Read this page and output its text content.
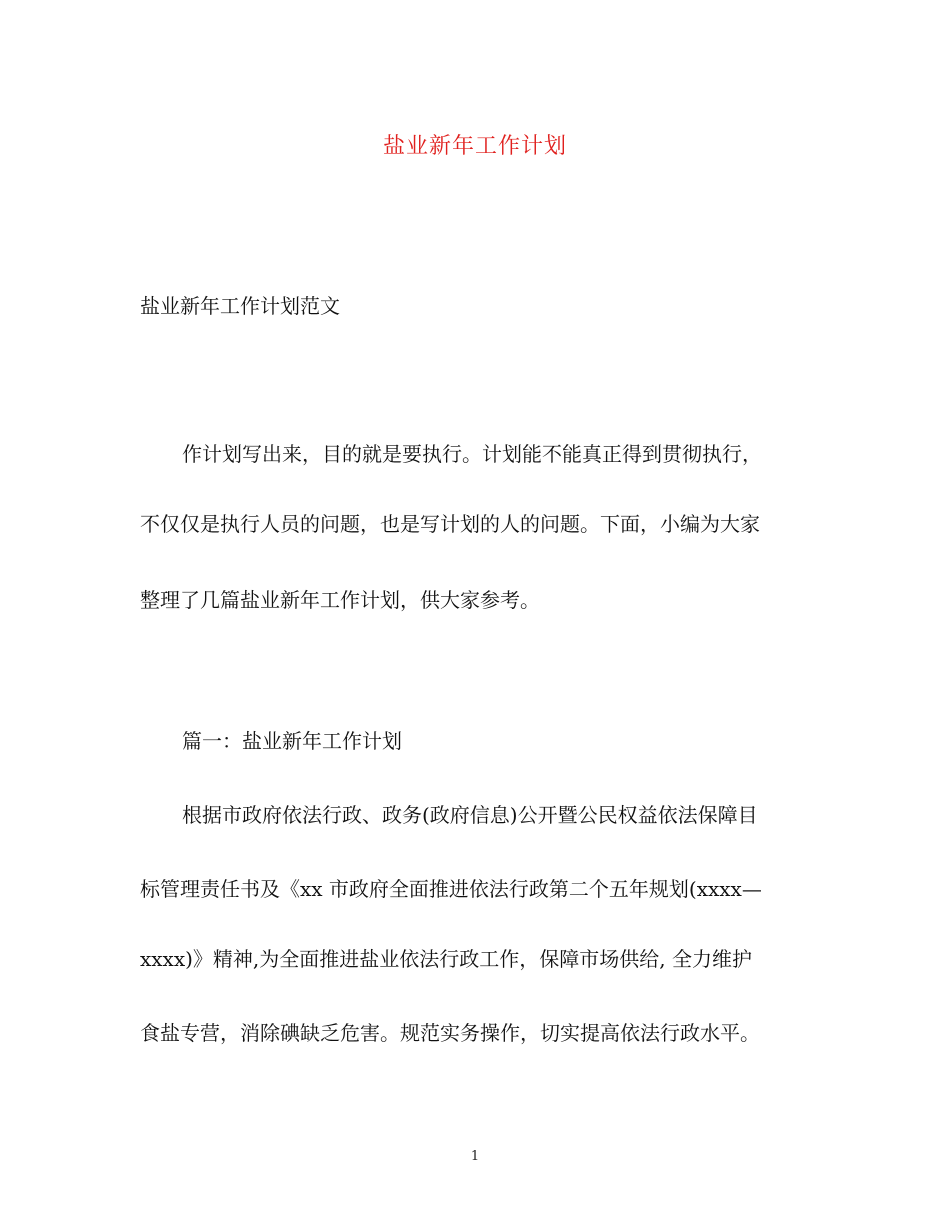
盐业新年工作计划
盐业新年工作计划范文
作计划写出来，目的就是要执行。计划能不能真正得到贯彻执行，
不仅仅是执行人员的问题，也是写计划的人的问题。下面，小编为大家
整理了几篇盐业新年工作计划，供大家参考。
篇一：盐业新年工作计划
根据市政府依法行政、政务(政府信息)公开暨公民权益依法保障目
标管理责任书及《xx 市政府全面推进依法行政第二个五年规划(xxxx—
xxxx)》精神,为全面推进盐业依法行政工作，保障市场供给, 全力维护
食盐专营，消除碘缺乏危害。规范实务操作，切实提高依法行政水平。
1
